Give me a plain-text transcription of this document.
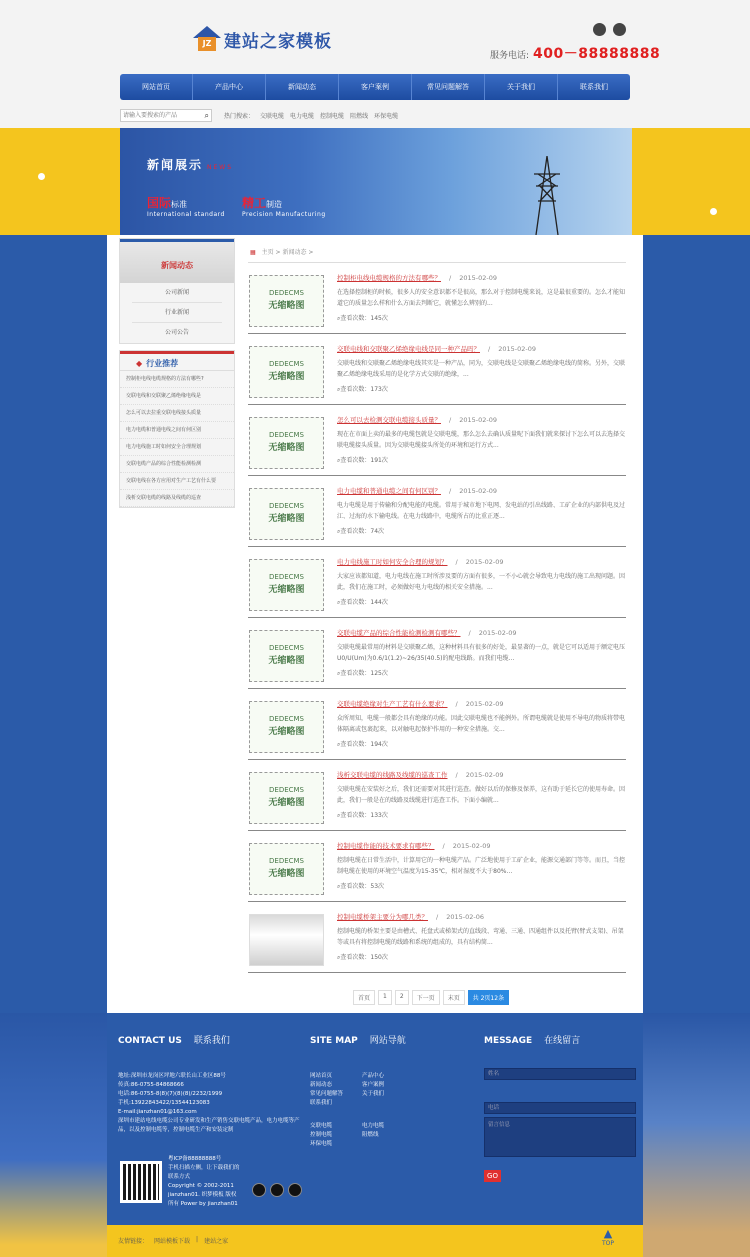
JZ 建站之家模板
服务电话: 400－88888888
网站首页	产品中心	新闻动态	客户案例	常见问题解答	关于我们	联系我们
请输入要搜索的产品
⌕	热门搜索： 交联电缆 电力电缆 控制电缆 阻燃线 环保电缆
新闻展示 NEWS
国际标准
International standard
精工制造
Precision Manufacturing
新闻动态
公司新闻
行业新闻
公司公告
◆ 行业推荐
控制柜电线电缆规格的方法有哪些?
交联电线和交联聚乙烯绝缘电线是
怎么可以去拉重交联电线接头质量
电力电缆和普通电线之间有何区别
电力电线施工时如何安全合理规划
交联电缆产品的综合性能检测检测
交联电线在各方应用对生产工艺有什么要
浅析交联电缆的线路及线缆的巡查
▦ 主页 > 新闻动态 >
DEDECMS
无缩略图
控制柜电线电缆规格的方法有哪些？ / 2015-02-09
在选择控制柜的时候，很多人的安全意识都不是很高，那么对于控制电缆来说，这是最很重要的。怎么才能知道它的质量怎么样和什么方面去判断它，就懂怎么辨别的...
⌕查看次数：145次
DEDECMS
无缩略图
交联电线和交联聚乙烯绝缘电线是同一种产品吗？ / 2015-02-09
交联电线和交联聚乙烯绝缘电线其实是一种产品，同为，交联电线是交联聚乙烯绝缘电线的简称。另外，交联聚乙烯绝缘电线采用的是化学方式交联的绝缘，...
⌕查看次数：173次
DEDECMS
无缩略图
怎么可以去检测交联电缆接头质量？ / 2015-02-09
现在在市面上卖的最多的电缆包就是交联电缆，那么怎么去确认质量呢下面我们就来探讨下怎么可以去选择交联电缆接头质量。因为交联电缆接头所处的环境和运行方式...
⌕查看次数：191次
DEDECMS
无缩略图
电力电缆和普通电缆之间有何区别？ / 2015-02-09
电力电缆是用于传输和分配电能的电缆。常用于城市地下电网、发电站的引出线路、工矿企业的内部供电及过江、过海的水下输电线。在电力线路中，电缆所占的比重正逐...
⌕查看次数：74次
DEDECMS
无缩略图
电力电线施工时如何安全合理的规划？ / 2015-02-09
大家应该都知道，电力电线在施工时所涉及要的方面有很多，一不小心就会导致电力电线的施工出现问题。因此，我们在施工时，必须做好电力电线的相关安全措施。...
⌕查看次数：144次
DEDECMS
无缩略图
交联电缆产品的综合性能检测检测有哪些？ / 2015-02-09
交联电缆最常用的材料是交联聚乙烯，这种材料具有很多的好处，最显著的一点，就是它可以适用于额定电压U0/U(Um)为0.6/1(1.2)~26/35(40.5)的配电线路。而我们电缆...
⌕查看次数：125次
DEDECMS
无缩略图
交联电缆绝缘对生产工艺有什么要求？ / 2015-02-09
众所周知，电缆一般都会具有绝缘的功能。因此交联电缆也不能例外。所谓电缆就是使用不导电的物质将带电体隔离或包裹起来，以对触电起保护作用的一种安全措施。交...
⌕查看次数：194次
DEDECMS
无缩略图
浅析交联电缆的线路及线缆的巡查工作 / 2015-02-09
交联电缆在安装好之后，我们还需要对其进行巡查。做好以后的保修及保养，这有助于延长它的使用寿命。因此，我们一般是在的线路及线缆进行巡查工作。下面小编就...
⌕查看次数：133次
DEDECMS
无缩略图
控制电缆作能的技术要求有哪些？ / 2015-02-09
控制电缆在日常生活中，计算用它的一种电缆产品。广泛地使用于工矿企业，能源交通部门等等。而且，当控制电缆在使用的环境空气温度为15-35℃，相对湿度不大于80%...
⌕查看次数：53次
控制电缆桥架主要分为哪几类？ / 2015-02-06
控制电缆的桥架主要是由槽式、托盘式或梯架式的直线段、弯通、三通、四通组件以及托臂(臂式支架)、吊架等或具有将控制电缆的线路和系统的组成的，具有结构简...
⌕查看次数：150次
首页	1	2	下一页	末页	共 2页12条
CONTACT US 联系我们
地址:深圳市龙岗区坪地六联长山工业区88号
传真:86-0755-84868666
电话:86-0755-8(8)(7)(8)(8)/2232/1999
手机:13922843422/13544123083
E-mail:jianzhan01@163.com
深圳市建站电线电缆公司专业研发和生产销售交联电缆产品，电力电缆等产品，以及控制电缆等，控制电缆生产和安装定制
SITE MAP 网站导航
网站首页	产品中心
新闻动态	客户案例
常见问题解答	关于我们
联系我们
交联电缆	电力电缆
控制电缆	阻燃线
环保电缆
MESSAGE 在线留言
姓名
电话
留言信息
GO
粤ICP备88888888号
手机扫描左侧，让下载我们的
联系方式
Copyright © 2002-2011
jianzhan01. 织梦模板 版权
所有 Power by jianzhan01
友情链接： 网站模板下载 | 建站之家
▲
TOP
